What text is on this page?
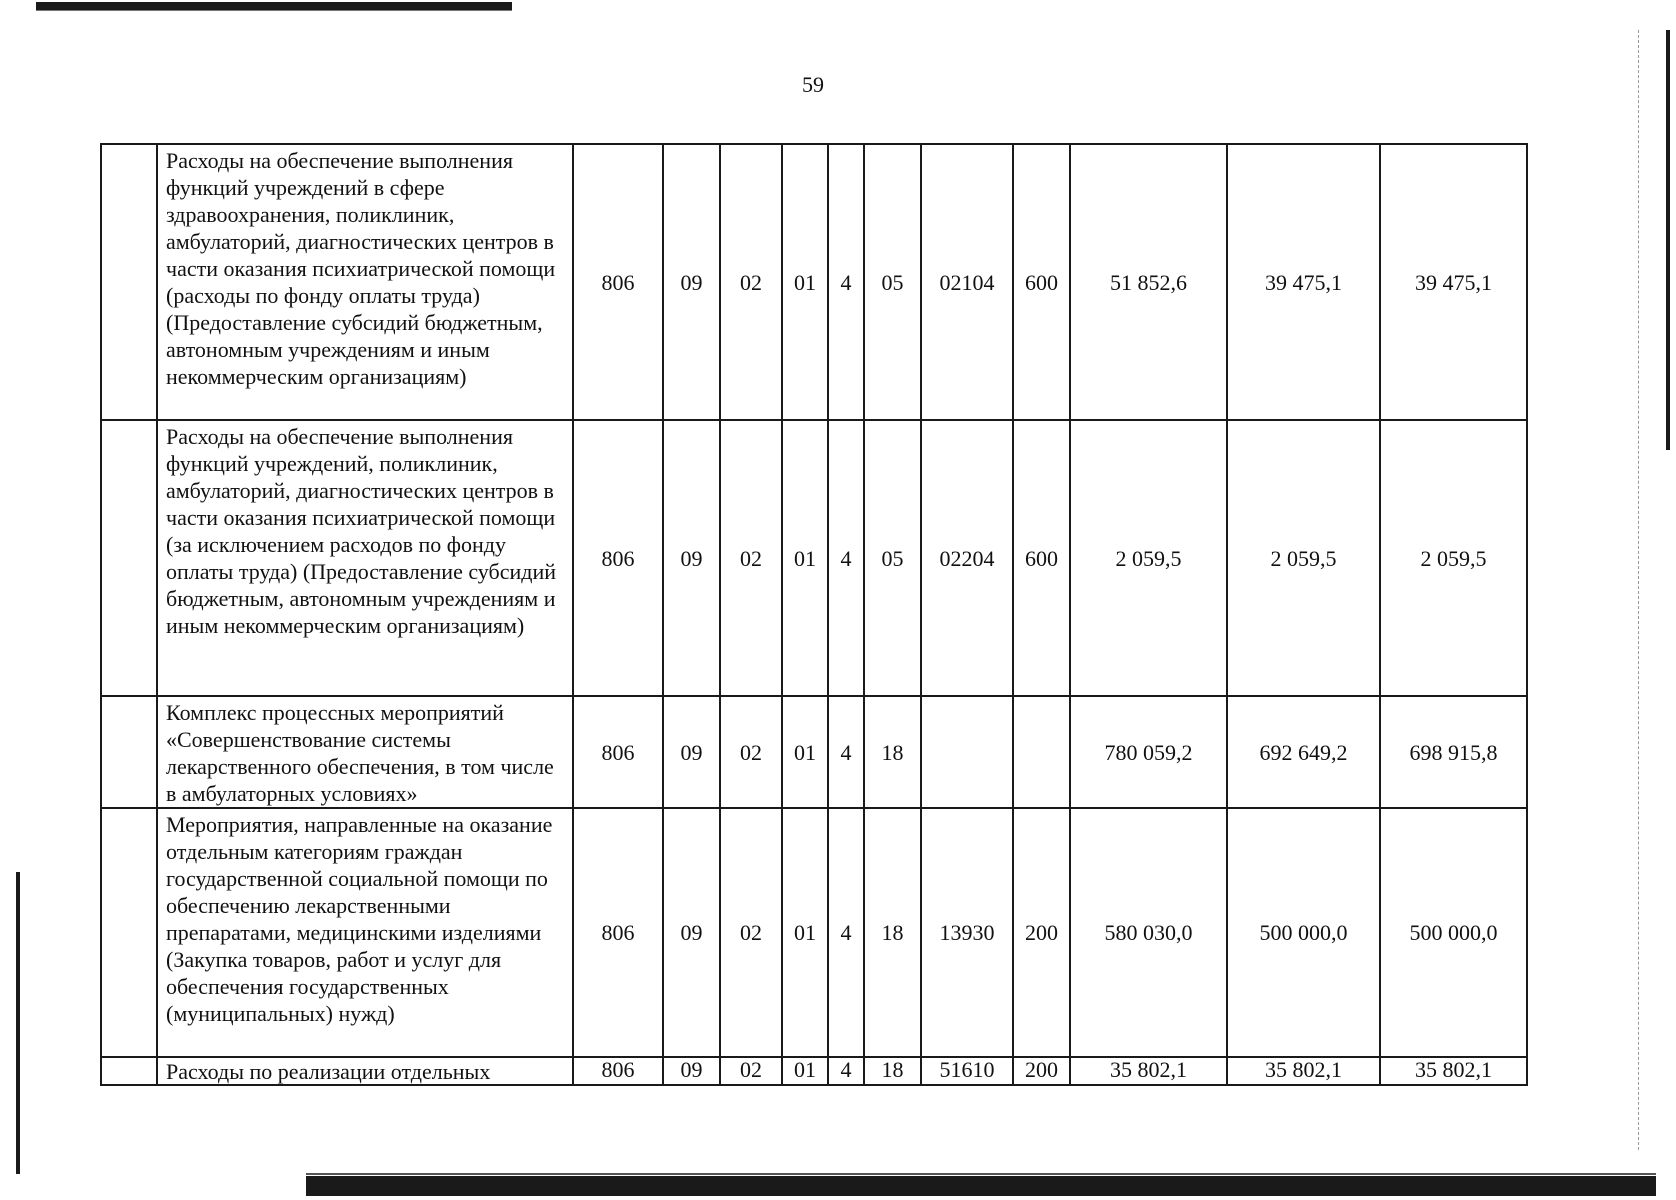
59
	Расходы на обеспечение выполнения функций учреждений в сфере здравоохранения, поликлиник, амбулаторий, диагностических центров в части оказания психиатрической помощи (расходы по фонду оплаты труда) (Предоставление субсидий бюджетным, автономным учреждениям и иным некоммерческим организациям)	806	09	02	01	4	05	02104	600	51 852,6	39 475,1	39 475,1
	Расходы на обеспечение выполнения функций учреждений, поликлиник, амбулаторий, диагностических центров в части оказания психиатрической помощи (за исключением расходов по фонду оплаты труда) (Предоставление субсидий бюджетным, автономным учреждениям и иным некоммерческим организациям)	806	09	02	01	4	05	02204	600	2 059,5	2 059,5	2 059,5
	Комплекс процессных мероприятий «Совершенствование системы лекарственного обеспечения, в том числе в амбулаторных условиях»	806	09	02	01	4	18			780 059,2	692 649,2	698 915,8
	Мероприятия, направленные на оказание отдельным категориям граждан государственной социальной помощи по обеспечению лекарственными препаратами, медицинскими изделиями (Закупка товаров, работ и услуг для обеспечения государственных (муниципальных) нужд)	806	09	02	01	4	18	13930	200	580 030,0	500 000,0	500 000,0
	Расходы по реализации отдельных	806	09	02	01	4	18	51610	200	35 802,1	35 802,1	35 802,1
